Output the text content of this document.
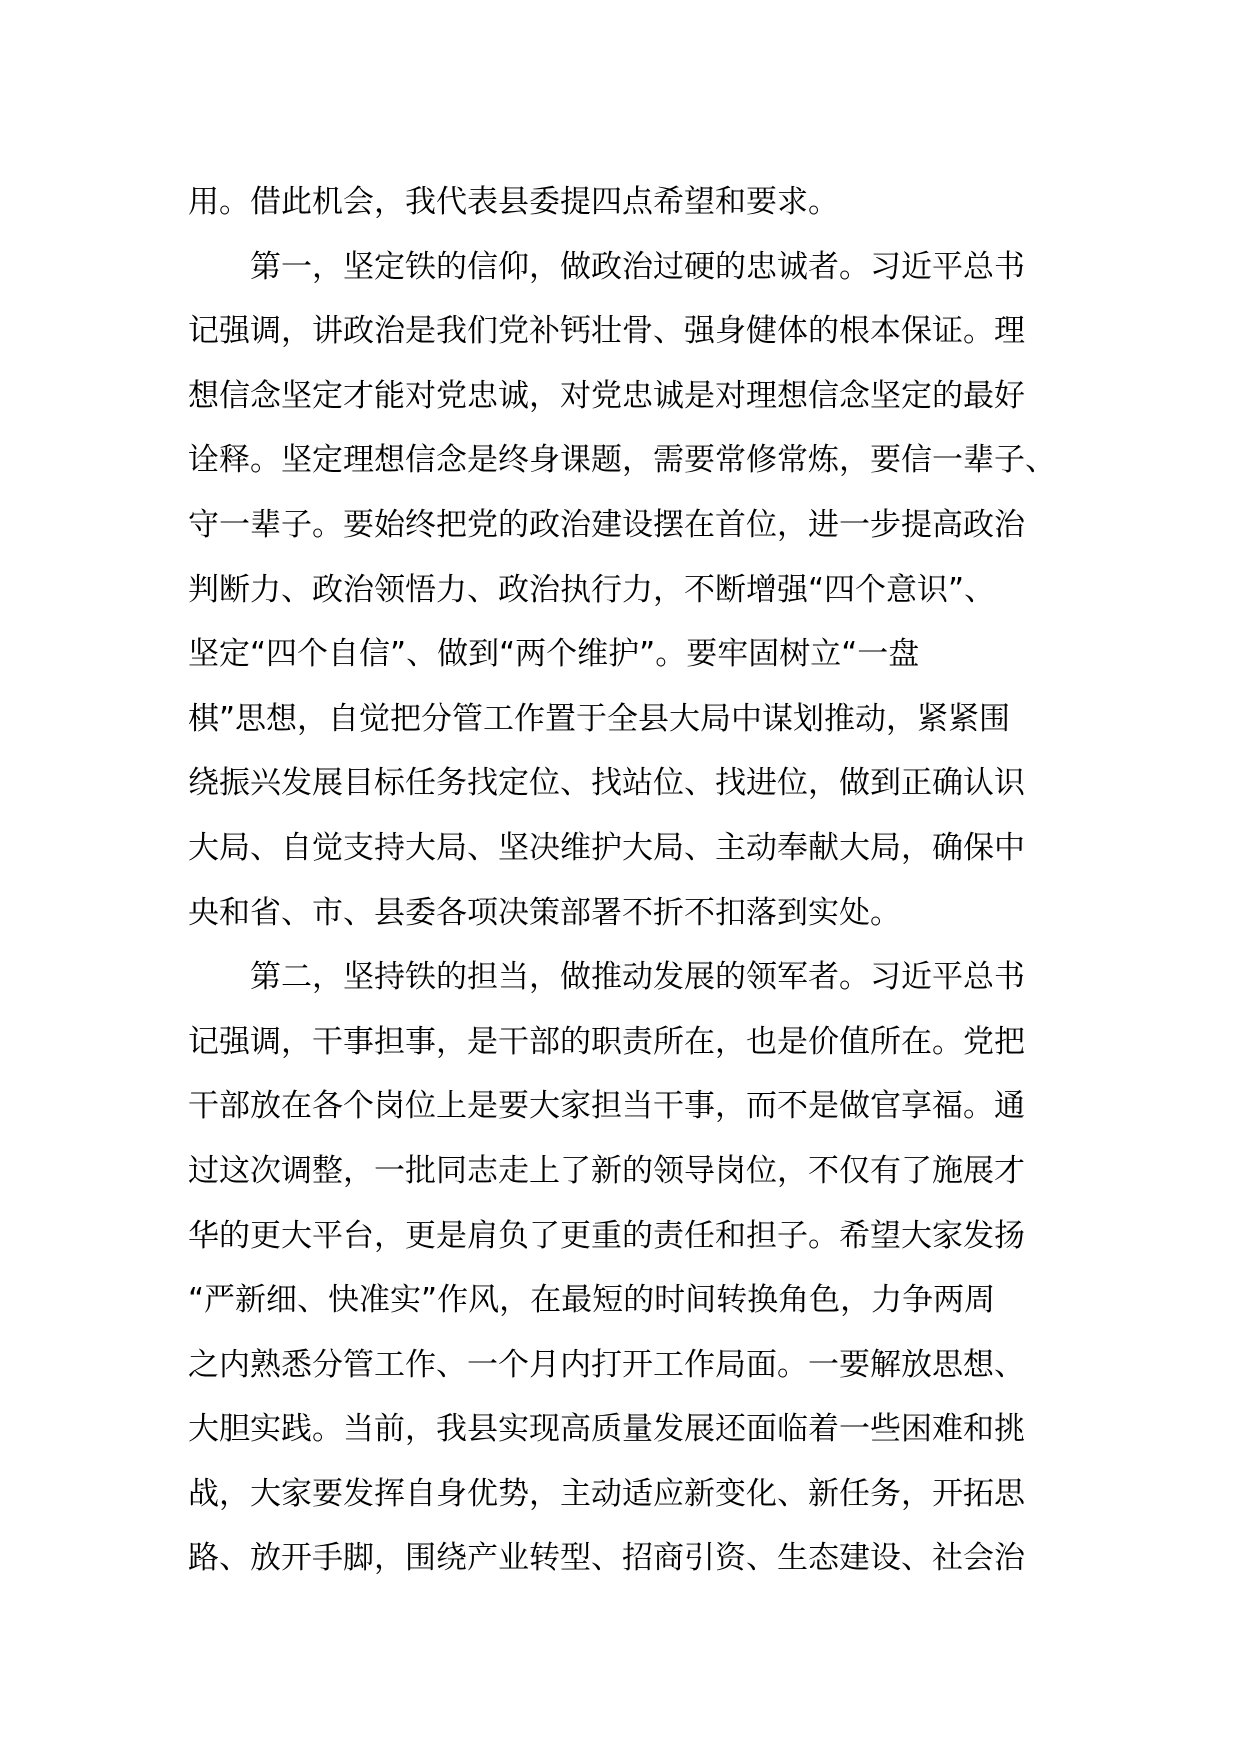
用。借此机会，我代表县委提四点希望和要求。
第一，坚定铁的信仰，做政治过硬的忠诚者。习近平总书
记强调，讲政治是我们党补钙壮骨、强身健体的根本保证。理
想信念坚定才能对党忠诚，对党忠诚是对理想信念坚定的最好
诠释。坚定理想信念是终身课题，需要常修常炼，要信一辈子、
守一辈子。要始终把党的政治建设摆在首位，进一步提高政治
判断力、政治领悟力、政治执行力，不断增强“四个意识”、
坚定“四个自信”、做到“两个维护”。要牢固树立“一盘
棋”思想，自觉把分管工作置于全县大局中谋划推动，紧紧围
绕振兴发展目标任务找定位、找站位、找进位，做到正确认识
大局、自觉支持大局、坚决维护大局、主动奉献大局，确保中
央和省、市、县委各项决策部署不折不扣落到实处。
第二，坚持铁的担当，做推动发展的领军者。习近平总书
记强调，干事担事，是干部的职责所在，也是价值所在。党把
干部放在各个岗位上是要大家担当干事，而不是做官享福。通
过这次调整，一批同志走上了新的领导岗位，不仅有了施展才
华的更大平台，更是肩负了更重的责任和担子。希望大家发扬
“严新细、快准实”作风，在最短的时间转换角色，力争两周
之内熟悉分管工作、一个月内打开工作局面。一要解放思想、
大胆实践。当前，我县实现高质量发展还面临着一些困难和挑
战，大家要发挥自身优势，主动适应新变化、新任务，开拓思
路、放开手脚，围绕产业转型、招商引资、生态建设、社会治
